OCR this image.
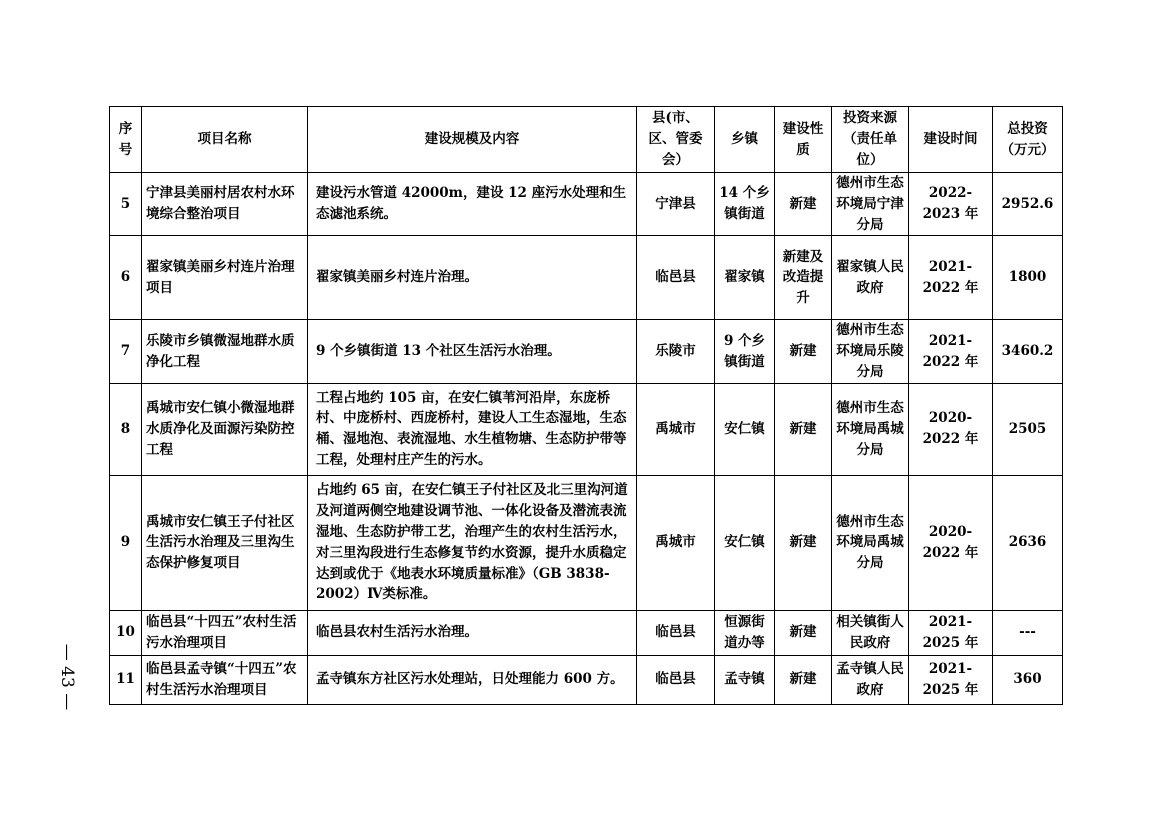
— 43 —
序号	项目名称	建设规模及内容	县(市、区、管委会）	乡镇	建设性质	投资来源（责任单位）	建设时间	总投资（万元）
5	宁津县美丽村居农村水环境综合整治项目	建设污水管道 42000m，建设 12 座污水处理和生态滤池系统。	宁津县	14 个乡镇街道	新建	德州市生态环境局宁津分局	2022-2023 年	2952.6
6	翟家镇美丽乡村连片治理项目	翟家镇美丽乡村连片治理。	临邑县	翟家镇	新建及改造提升	翟家镇人民政府	2021-2022 年	1800
7	乐陵市乡镇微湿地群水质净化工程	9 个乡镇街道 13 个社区生活污水治理。	乐陵市	9 个乡镇街道	新建	德州市生态环境局乐陵分局	2021-2022 年	3460.2
8	禹城市安仁镇小微湿地群水质净化及面源污染防控工程	工程占地约 105 亩，在安仁镇苇河沿岸，东庞桥村、中庞桥村、西庞桥村，建设人工生态湿地，生态桶、湿地泡、表流湿地、水生植物塘、生态防护带等工程，处理村庄产生的污水。	禹城市	安仁镇	新建	德州市生态环境局禹城分局	2020-2022 年	2505
9	禹城市安仁镇王子付社区生活污水治理及三里沟生态保护修复项目	占地约 65 亩，在安仁镇王子付社区及北三里沟河道及河道两侧空地建设调节池、一体化设备及潜流表流湿地、生态防护带工艺，治理产生的农村生活污水，对三里沟段进行生态修复节约水资源，提升水质稳定达到或优于《地表水环境质量标准》（GB 3838-2002）Ⅳ类标准。	禹城市	安仁镇	新建	德州市生态环境局禹城分局	2020-2022 年	2636
10	临邑县“十四五”农村生活污水治理项目	临邑县农村生活污水治理。	临邑县	恒源街道办等	新建	相关镇街人民政府	2021-2025 年	---
11	临邑县孟寺镇“十四五”农村生活污水治理项目	孟寺镇东方社区污水处理站，日处理能力 600 方。	临邑县	孟寺镇	新建	孟寺镇人民政府	2021-2025 年	360
